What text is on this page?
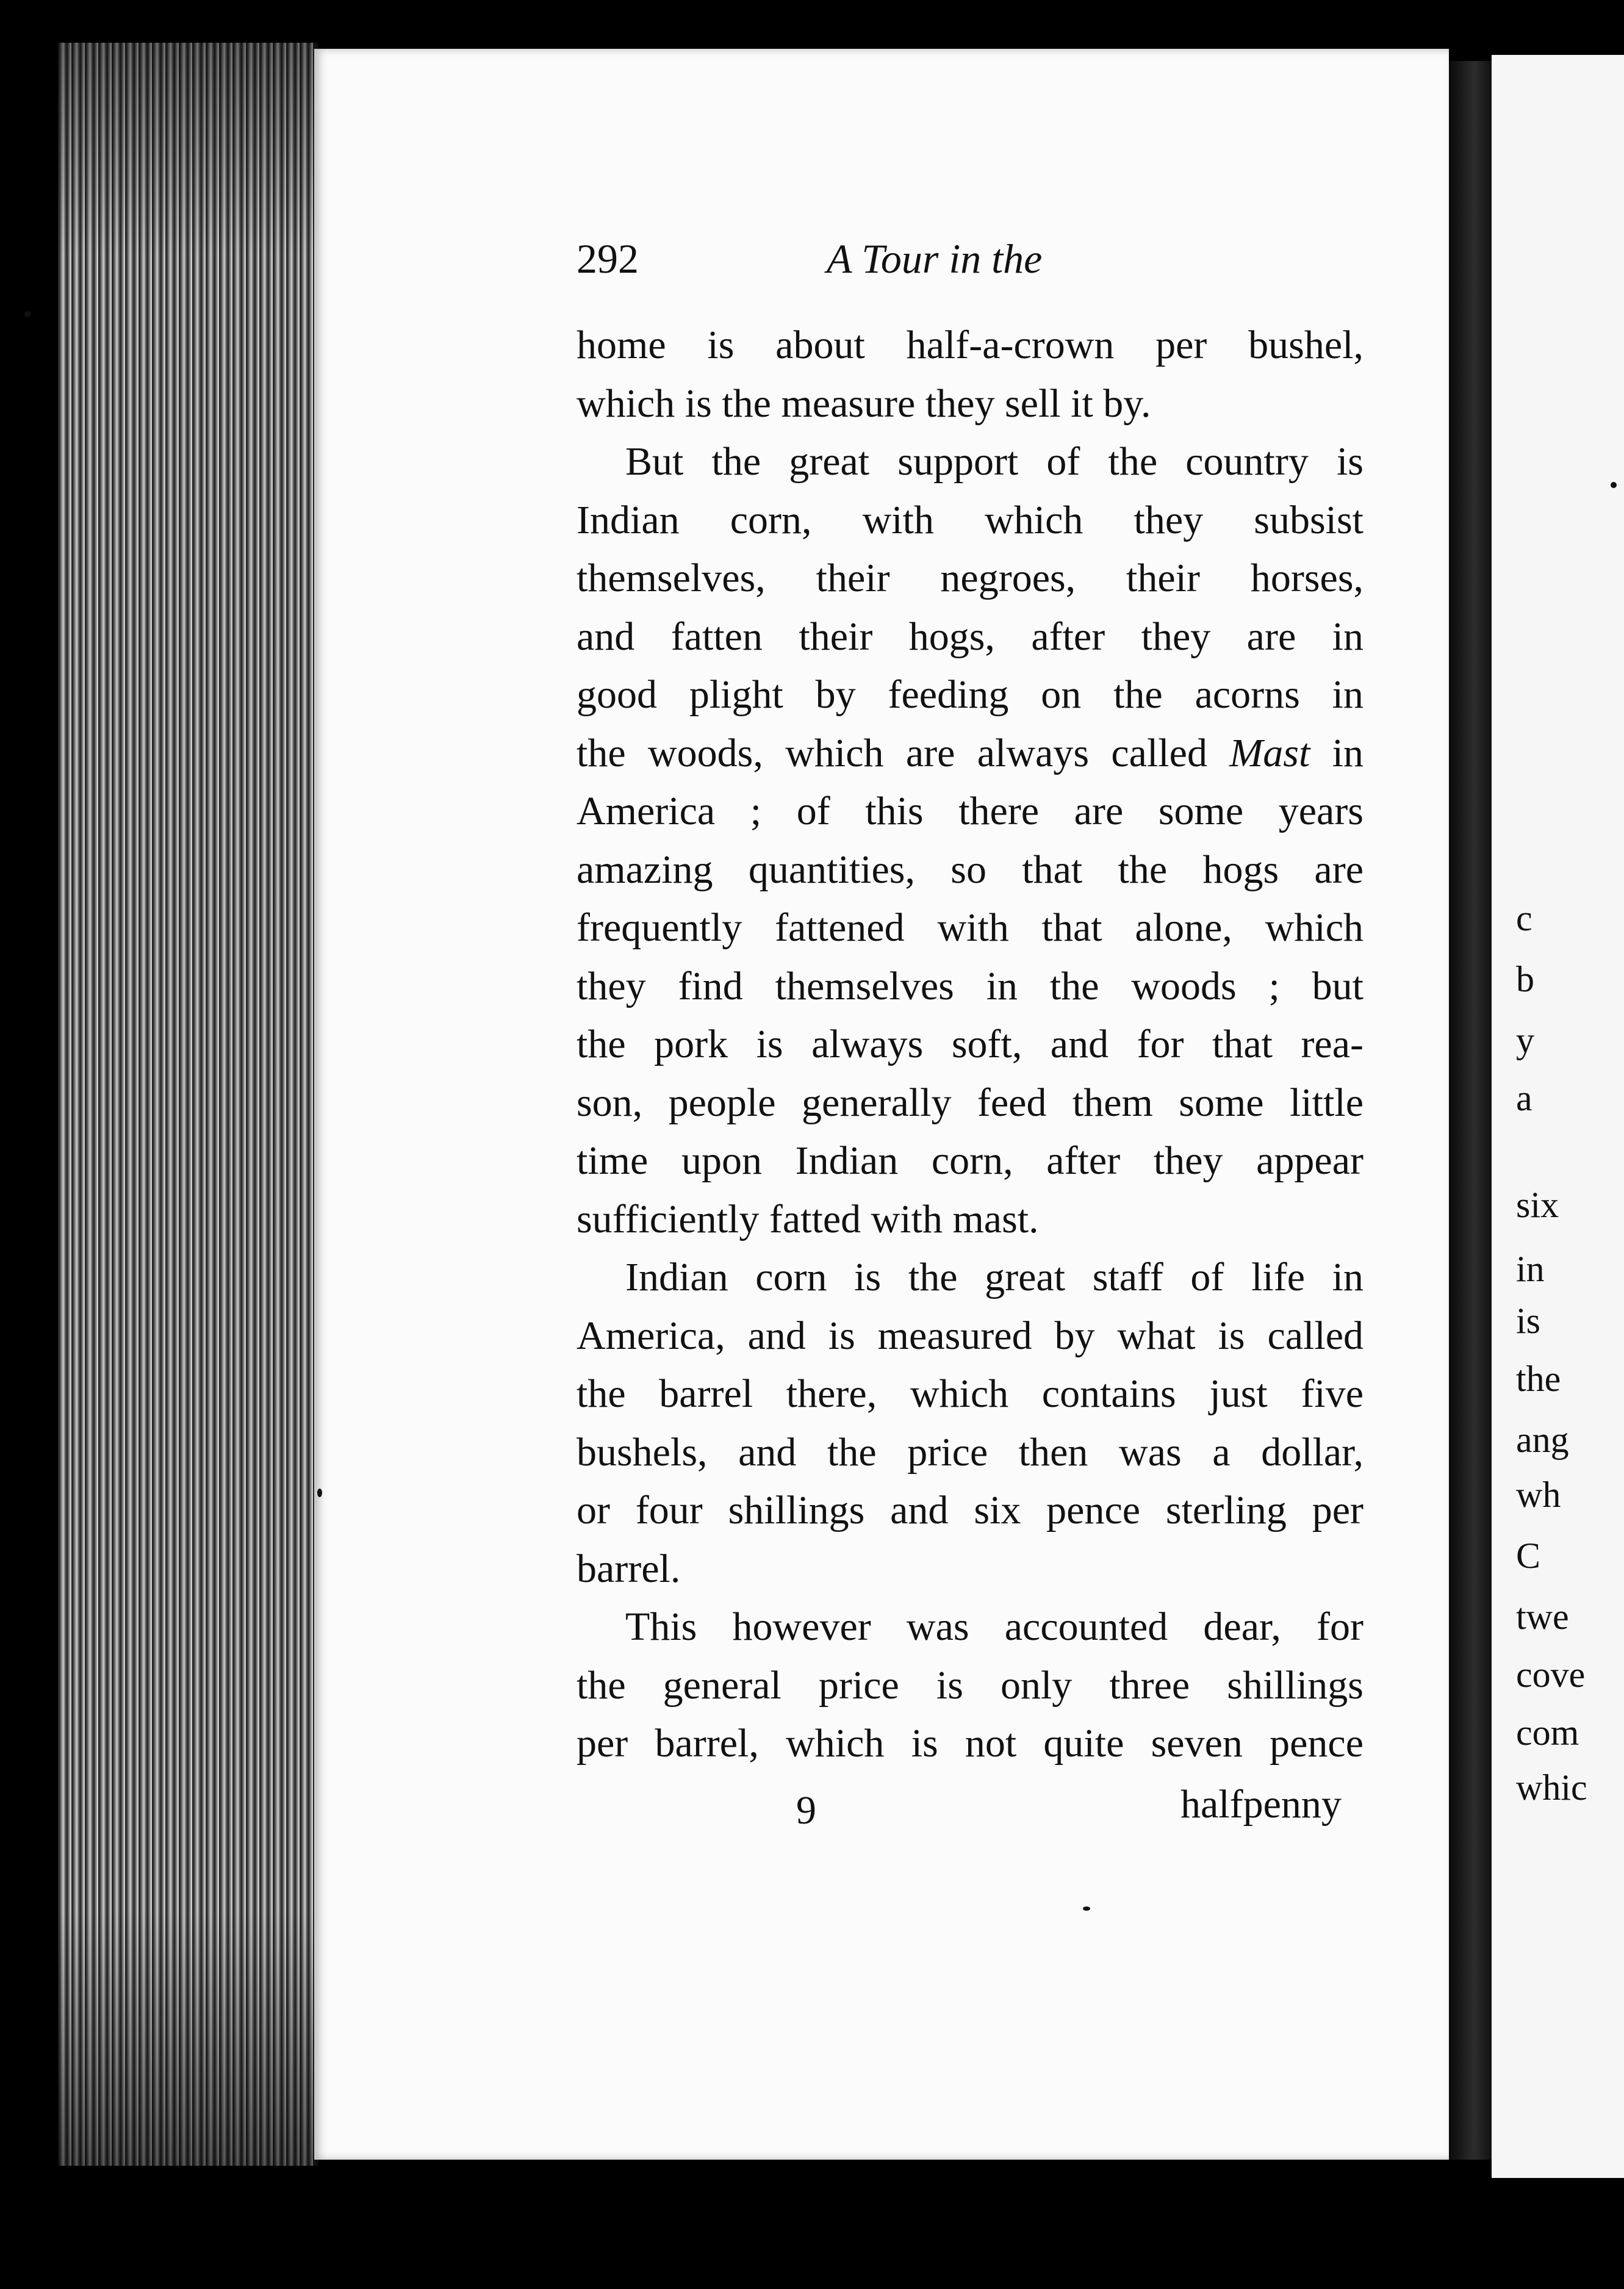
c
b
y
a
six
in
is
the
ang
wh
C
twe
cove
com
whic
292	A Tour in the
home is about half-a-crown per bushel,
which is the measure they sell it by.
But the great support of the country is
Indian corn, with which they subsist
themselves, their negroes, their horses,
and fatten their hogs, after they are in
good plight by feeding on the acorns in
the woods, which are always called Mast in
America ; of this there are some years
amazing quantities, so that the hogs are
frequently fattened with that alone, which
they find themselves in the woods ; but
the pork is always soft, and for that rea-
son, people generally feed them some little
time upon Indian corn, after they appear
sufficiently fatted with mast.
Indian corn is the great staff of life in
America, and is measured by what is called
the barrel there, which contains just five
bushels, and the price then was a dollar,
or four shillings and six pence sterling per
barrel.
This however was accounted dear, for
the general price is only three shillings
per barrel, which is not quite seven pence
9	halfpenny
